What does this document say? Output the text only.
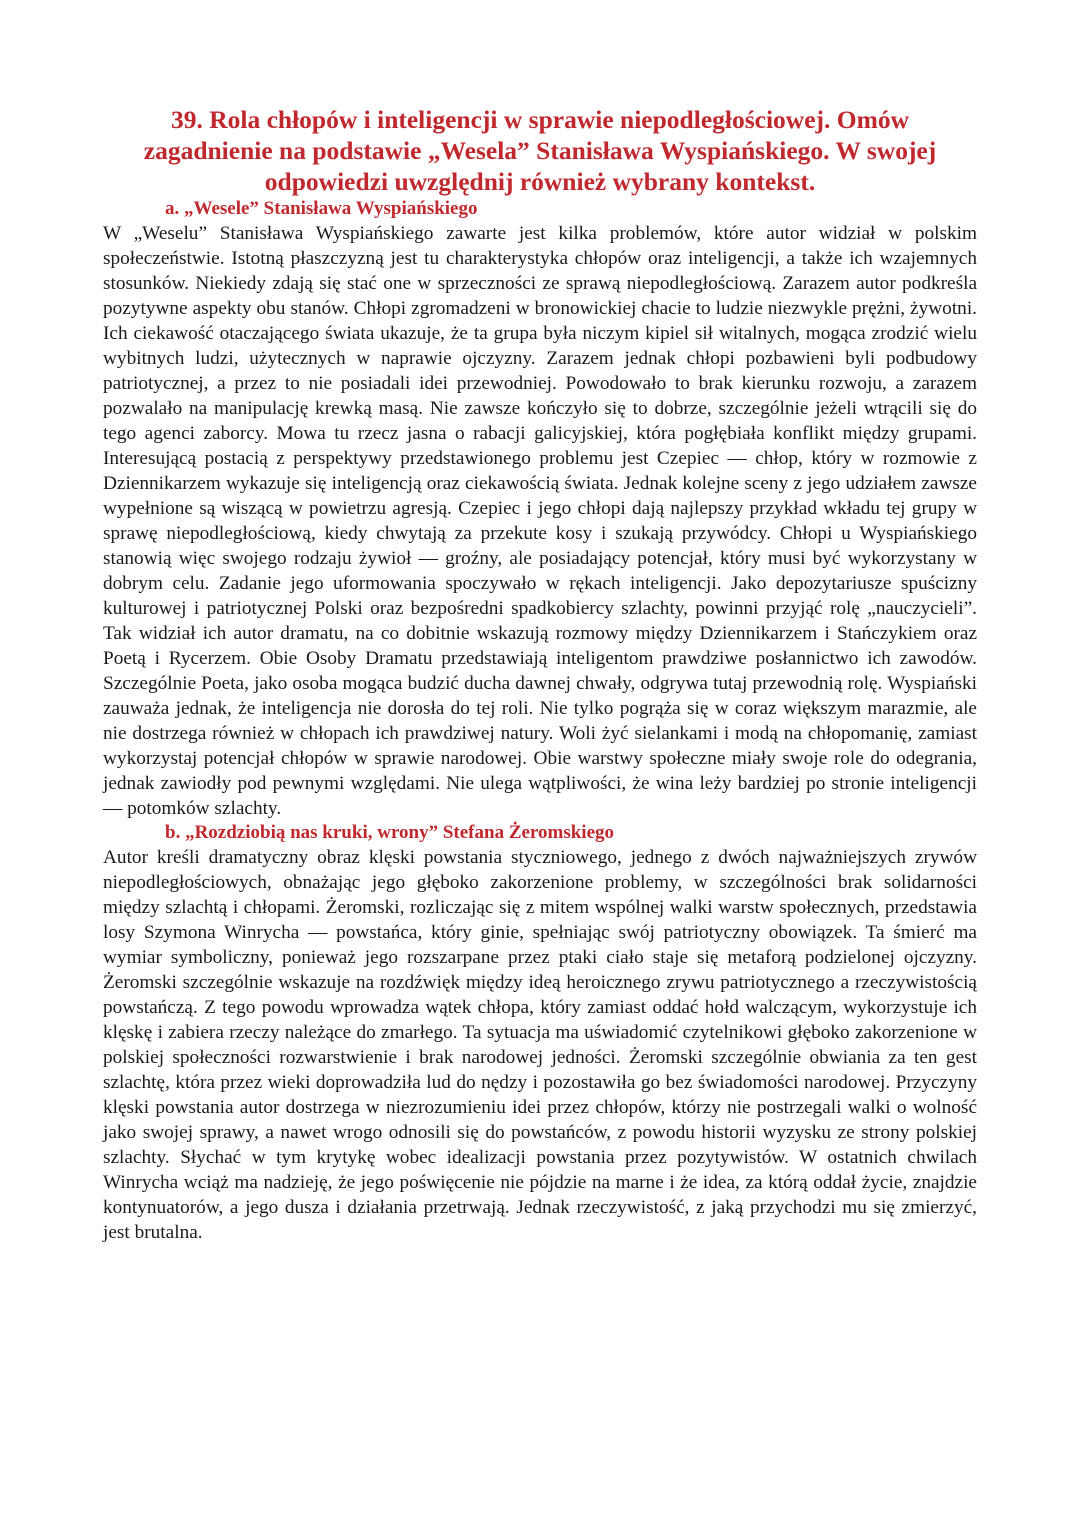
39. Rola chłopów i inteligencji w sprawie niepodległościowej. Omów zagadnienie na podstawie „Wesela” Stanisława Wyspiańskiego. W swojej odpowiedzi uwzględnij również wybrany kontekst.
a. „Wesele” Stanisława Wyspiańskiego

W „Weselu” Stanisława Wyspiańskiego zawarte jest kilka problemów, które autor widział w polskim społeczeństwie. Istotną płaszczyzną jest tu charakterystyka chłopów oraz inteligencji, a także ich wzajemnych stosunków. Niekiedy zdają się stać one w sprzeczności ze sprawą niepodległościową. Zarazem autor podkreśla pozytywne aspekty obu stanów. Chłopi zgromadzeni w bronowickiej chacie to ludzie niezwykle prężni, żywotni. Ich ciekawość otaczającego świata ukazuje, że ta grupa była niczym kipiel sił witalnych, mogąca zrodzić wielu wybitnych ludzi, użytecznych w naprawie ojczyzny. Zarazem jednak chłopi pozbawieni byli podbudowy patriotycznej, a przez to nie posiadali idei przewodniej. Powodowało to brak kierunku rozwoju, a zarazem pozwalało na manipulację krewką masą. Nie zawsze kończyło się to dobrze, szczególnie jeżeli wtrącili się do tego agenci zaborcy. Mowa tu rzecz jasna o rabacji galicyjskiej, która pogłębiała konflikt między grupami. Interesującą postacią z perspektywy przedstawionego problemu jest Czepiec — chłop, który w rozmowie z Dziennikarzem wykazuje się inteligencją oraz ciekawością świata. Jednak kolejne sceny z jego udziałem zawsze wypełnione są wiszącą w powietrzu agresją. Czepiec i jego chłopi dają najlepszy przykład wkładu tej grupy w sprawę niepodległościową, kiedy chwytają za przekute kosy i szukają przywódcy. Chłopi u Wyspiańskiego stanowią więc swojego rodzaju żywioł — groźny, ale posiadający potencjał, który musi być wykorzystany w dobrym celu. Zadanie jego uformowania spoczywało w rękach inteligencji. Jako depozytariusze spuścizny kulturowej i patriotycznej Polski oraz bezpośredni spadkobiercy szlachty, powinni przyjąć rolę „nauczycieli”. Tak widział ich autor dramatu, na co dobitnie wskazują rozmowy między Dziennikarzem i Stańczykiem oraz Poetą i Rycerzem. Obie Osoby Dramatu przedstawiają inteligentom prawdziwe posłannictwo ich zawodów. Szczególnie Poeta, jako osoba mogąca budzić ducha dawnej chwały, odgrywa tutaj przewodnią rolę. Wyspiański zauważa jednak, że inteligencja nie dorosła do tej roli. Nie tylko pogrąża się w coraz większym marazmie, ale nie dostrzega również w chłopach ich prawdziwej natury. Woli żyć sielankami i modą na chłopomanię, zamiast wykorzystaj potencjał chłopów w sprawie narodowej. Obie warstwy społeczne miały swoje role do odegrania, jednak zawiodły pod pewnymi względami. Nie ulega wątpliwości, że wina leży bardziej po stronie inteligencji — potomków szlachty.

b. „Rozdziobią nas kruki, wrony” Stefana Żeromskiego

Autor kreśli dramatyczny obraz klęski powstania styczniowego, jednego z dwóch najważniejszych zrywów niepodległościowych, obnażając jego głęboko zakorzenione problemy, w szczególności brak solidarności między szlachtą i chłopami. Żeromski, rozliczając się z mitem wspólnej walki warstw społecznych, przedstawia losy Szymona Winrycha — powstańca, który ginie, spełniając swój patriotyczny obowiązek. Ta śmierć ma wymiar symboliczny, ponieważ jego rozszarpane przez ptaki ciało staje się metaforą podzielonej ojczyzny. Żeromski szczególnie wskazuje na rozdźwięk między ideą heroicznego zrywu patriotycznego a rzeczywistością powstańczą. Z tego powodu wprowadza wątek chłopa, który zamiast oddać hołd walczącym, wykorzystuje ich klęskę i zabiera rzeczy należące do zmarłego. Ta sytuacja ma uświadomić czytelnikowi głęboko zakorzenione w polskiej społeczności rozwarstwienie i brak narodowej jedności. Żeromski szczególnie obwiania za ten gest szlachtę, która przez wieki doprowadziła lud do nędzy i pozostawiła go bez świadomości narodowej. Przyczyny klęski powstania autor dostrzega w niezrozumieniu idei przez chłopów, którzy nie postrzegali walki o wolność jako swojej sprawy, a nawet wrogo odnosili się do powstańców, z powodu historii wyzysku ze strony polskiej szlachty. Słychać w tym krytykę wobec idealizacji powstania przez pozytywistów. W ostatnich chwilach Winrycha wciąż ma nadzieję, że jego poświęcenie nie pójdzie na marne i że idea, za którą oddał życie, znajdzie kontynuatorów, a jego dusza i działania przetrwają. Jednak rzeczywistość, z jaką przychodzi mu się zmierzyć, jest brutalna.
